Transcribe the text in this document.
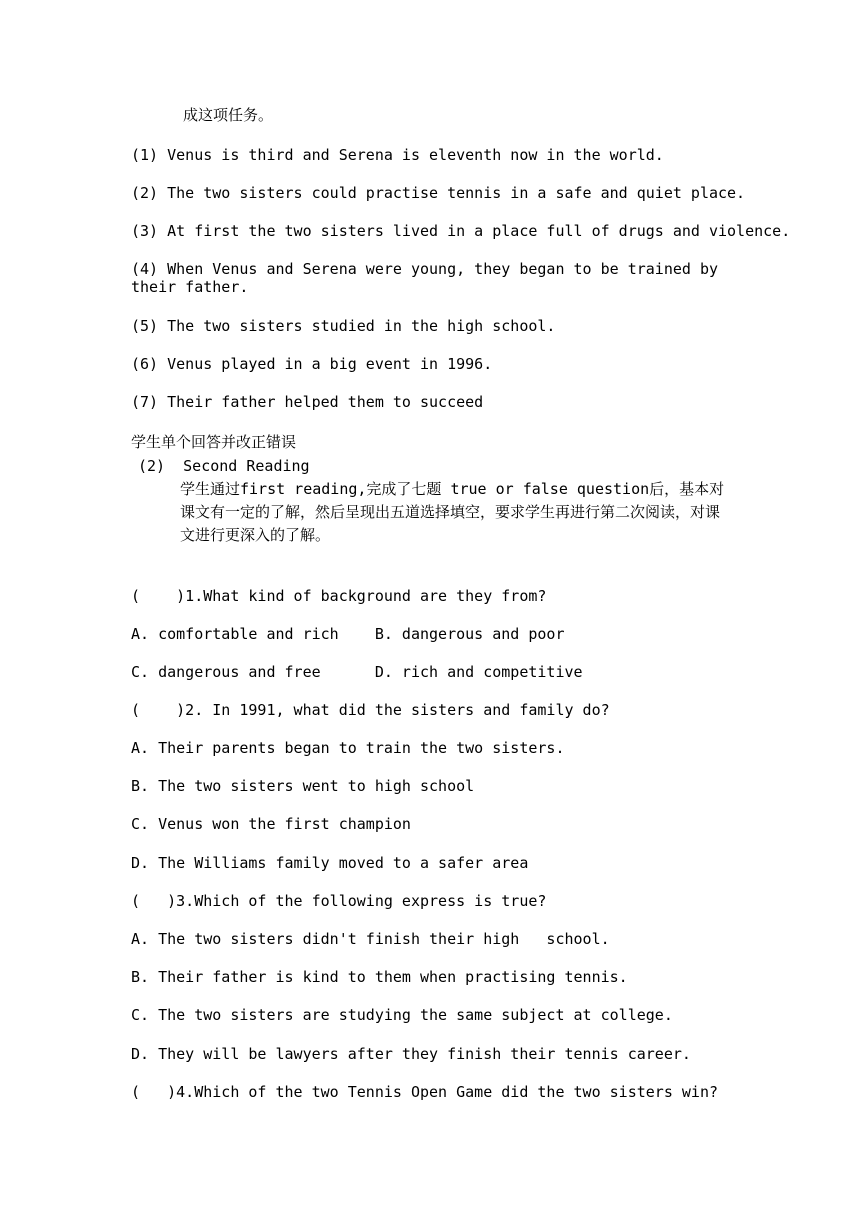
成这项任务。
(1) Venus is third and Serena is eleventh now in the world.
(2) The two sisters could practise tennis in a safe and quiet place.
(3) At first the two sisters lived in a place full of drugs and violence.
(4) When Venus and Serena were young, they began to be trained by their father.
(5) The two sisters studied in the high school.
(6) Venus played in a big event in 1996.
(7) Their father helped them to succeed
学生单个回答并改正错误
(2)  Second Reading
学生通过first reading,完成了七题 true or false question后，基本对课文有一定的了解，然后呈现出五道选择填空，要求学生再进行第二次阅读，对课文进行更深入的了解。
(    )1.What kind of background are they from?
A. comfortable and rich    B. dangerous and poor
C. dangerous and free      D. rich and competitive
(    )2. In 1991, what did the sisters and family do?
A. Their parents began to train the two sisters.
B. The two sisters went to high school
C. Venus won the first champion
D. The Williams family moved to a safer area
(   )3.Which of the following express is true?
A. The two sisters didn't finish their high   school.
B. Their father is kind to them when practising tennis.
C. The two sisters are studying the same subject at college.
D. They will be lawyers after they finish their tennis career.
(   )4.Which of the two Tennis Open Game did the two sisters win?
